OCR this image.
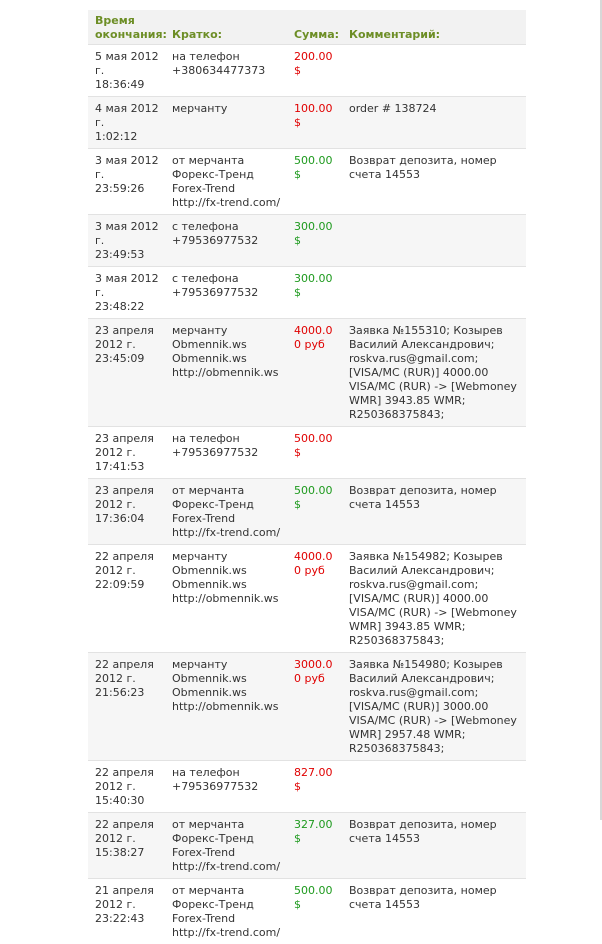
Время окончания:	Кратко:	Сумма:	Комментарий:

5 мая 2012 г.
18:36:49	на телефон
+380634477373	200.00 $	

4 мая 2012 г.
1:02:12	мерчанту	100.00 $	order # 138724

3 мая 2012 г.
23:59:26	от мерчанта Форекс-Тренд
Forex-Trend
http://fx-trend.com/	500.00 $	Возврат депозита, номер счета 14553

3 мая 2012 г.
23:49:53	с телефона
+79536977532	300.00 $	

3 мая 2012 г.
23:48:22	с телефона
+79536977532	300.00 $	

23 апреля 2012 г.
23:45:09	мерчанту
Obmennik.ws
Obmennik.ws
http://obmennik.ws	4000.00 руб	Заявка №155310; Козырев Василий Александрович; roskva.rus@gmail.com; [VISA/MC (RUR)] 4000.00 VISA/MC (RUR) -> [Webmoney WMR] 3943.85 WMR; R250368375843;

23 апреля 2012 г.
17:41:53	на телефон
+79536977532	500.00 $	

23 апреля 2012 г.
17:36:04	от мерчанта Форекс-Тренд
Forex-Trend
http://fx-trend.com/	500.00 $	Возврат депозита, номер счета 14553

22 апреля 2012 г.
22:09:59	мерчанту
Obmennik.ws
Obmennik.ws
http://obmennik.ws	4000.00 руб	Заявка №154982; Козырев Василий Александрович; roskva.rus@gmail.com; [VISA/MC (RUR)] 4000.00 VISA/MC (RUR) -> [Webmoney WMR] 3943.85 WMR; R250368375843;

22 апреля 2012 г.
21:56:23	мерчанту
Obmennik.ws
Obmennik.ws
http://obmennik.ws	3000.00 руб	Заявка №154980; Козырев Василий Александрович; roskva.rus@gmail.com; [VISA/MC (RUR)] 3000.00 VISA/MC (RUR) -> [Webmoney WMR] 2957.48 WMR; R250368375843;

22 апреля 2012 г.
15:40:30	на телефон
+79536977532	827.00 $	

22 апреля 2012 г.
15:38:27	от мерчанта Форекс-Тренд
Forex-Trend
http://fx-trend.com/	327.00 $	Возврат депозита, номер счета 14553

21 апреля 2012 г.
23:22:43	от мерчанта Форекс-Тренд
Forex-Trend
http://fx-trend.com/	500.00 $	Возврат депозита, номер счета 14553
